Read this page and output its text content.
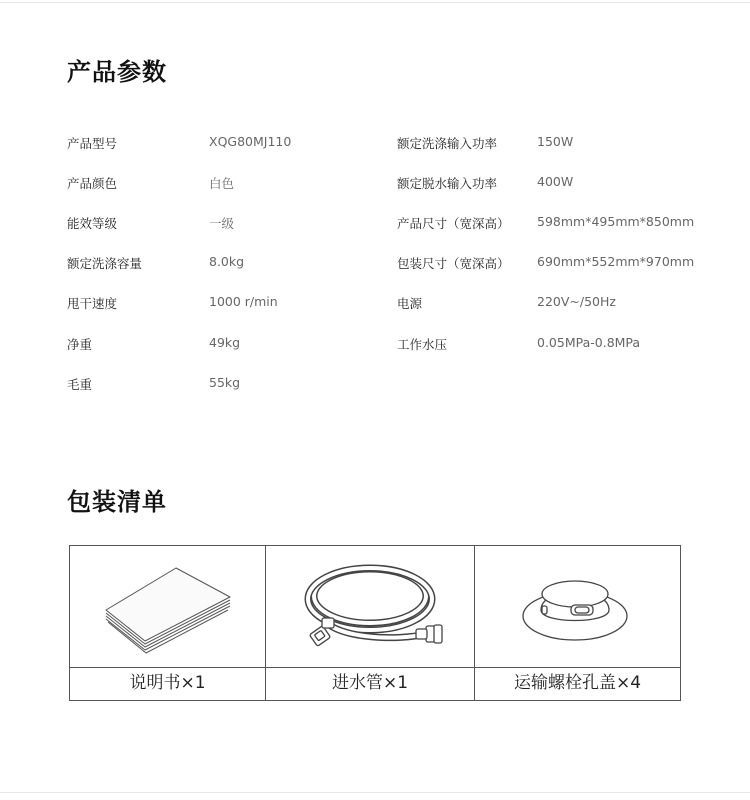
产品参数
产品型号	XQG80MJ110
产品颜色	白色
能效等级	一级
额定洗涤容量	8.0kg
甩干速度	1000 r/min
净重	49kg
毛重	55kg
额定洗涤输入功率	150W
额定脱水输入功率	400W
产品尺寸（宽深高） 598mm*495mm*850mm
包装尺寸（宽深高） 690mm*552mm*970mm
电源	220V~/50Hz
工作水压	0.05MPa-0.8MPa
包装清单
说明书×1	进水管×1	运输螺栓孔盖×4
